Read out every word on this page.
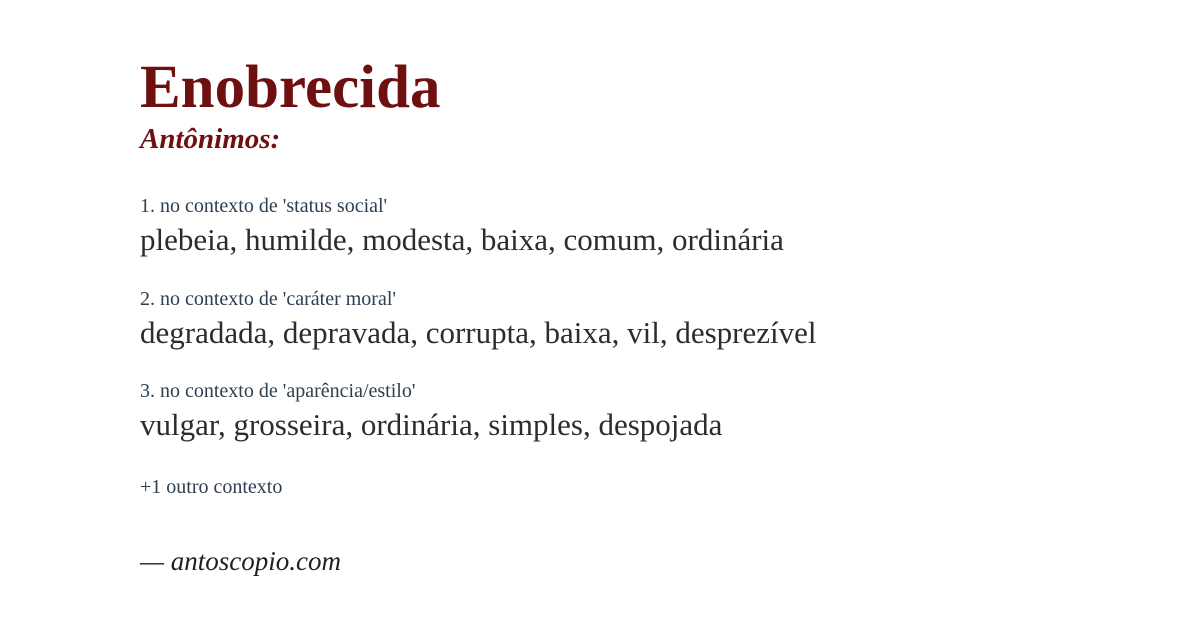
Enobrecida
Antônimos:

1. no contexto de 'status social'

plebeia, humilde, modesta, baixa, comum, ordinária

2. no contexto de 'caráter moral'

degradada, depravada, corrupta, baixa, vil, desprezível

3. no contexto de 'aparência/estilo'

vulgar, grosseira, ordinária, simples, despojada

+1 outro contexto

— antoscopio.com
